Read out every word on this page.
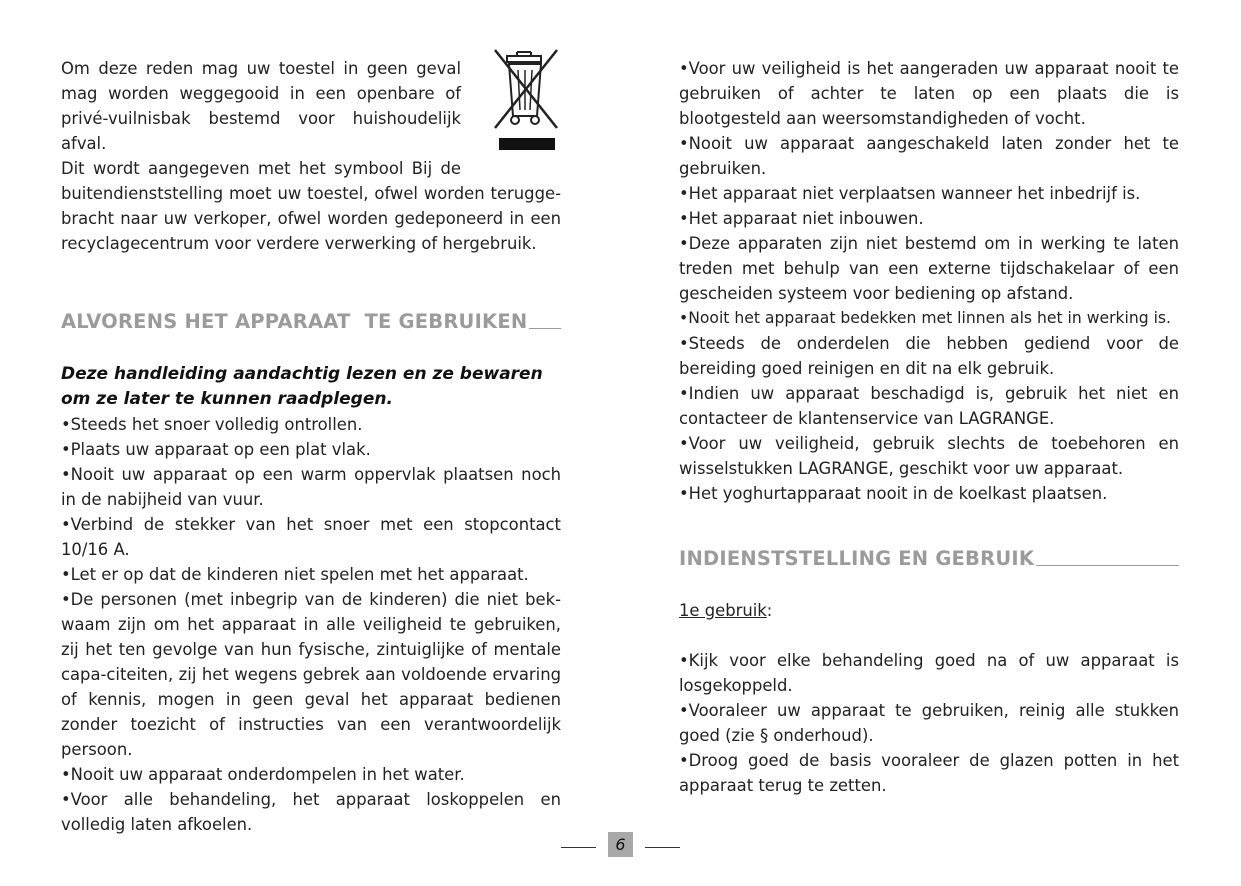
Om deze reden mag uw toestel in geen geval

mag worden weggegooid in een openbare of

privé-vuilnisbak bestemd voor huishoudelijk

afval.

Dit wordt aangegeven met het symbool Bij de

buitendienststelling moet uw toestel, ofwel worden terugge-bracht naar uw verkoper, ofwel worden gedeponeerd in een recyclagecentrum voor verdere verwerking of hergebruik.

ALVORENS HET APPARAAT  TE GEBRUIKEN

Deze handleiding aandachtig lezen en ze bewaren om ze later te kunnen raadplegen.

• Steeds het snoer volledig ontrollen.

• Plaats uw apparaat op een plat vlak.

• Nooit uw apparaat op een warm oppervlak plaatsen noch in de nabijheid van vuur.

• Verbind de stekker van het snoer met een stopcontact 10/16 A.

• Let er op dat de kinderen niet spelen met het apparaat.

• De personen (met inbegrip van de kinderen) die niet bek-waam zijn om het apparaat in alle veiligheid te gebruiken, zij het ten gevolge van hun fysische, zintuiglijke of mentale capa-citeiten, zij het wegens gebrek aan voldoende ervaring of kennis, mogen in geen geval het apparaat bedienen zonder toezicht of instructies van een verantwoordelijk persoon.

• Nooit uw apparaat onderdompelen in het water.

• Voor alle behandeling, het apparaat loskoppelen en volledig laten afkoelen.

• Voor uw veiligheid is het aangeraden uw apparaat nooit te gebruiken of achter te laten op een plaats die is blootgesteld aan weersomstandigheden of vocht.

• Nooit uw apparaat aangeschakeld laten zonder het te gebruiken.

• Het apparaat niet verplaatsen wanneer het inbedrijf is.

• Het apparaat niet inbouwen.

• Deze apparaten zijn niet bestemd om in werking te laten treden met behulp van een externe tijdschakelaar of een gescheiden systeem voor bediening op afstand.

• Nooit het apparaat bedekken met linnen als het in werking is.

• Steeds de onderdelen die hebben gediend voor de bereiding goed reinigen en dit na elk gebruik.

• Indien uw apparaat beschadigd is, gebruik het niet en contacteer de klantenservice van LAGRANGE.

• Voor uw veiligheid, gebruik slechts de toebehoren en wisselstukken LAGRANGE, geschikt voor uw apparaat.

• Het yoghurtapparaat nooit in de koelkast plaatsen.

INDIENSTSTELLING EN GEBRUIK

1e gebruik:

• Kijk voor elke behandeling goed na of uw apparaat is losgekoppeld.

• Vooraleer uw apparaat te gebruiken, reinig alle stukken goed (zie § onderhoud).

• Droog goed de basis vooraleer de glazen potten in het apparaat terug te zetten.

6
